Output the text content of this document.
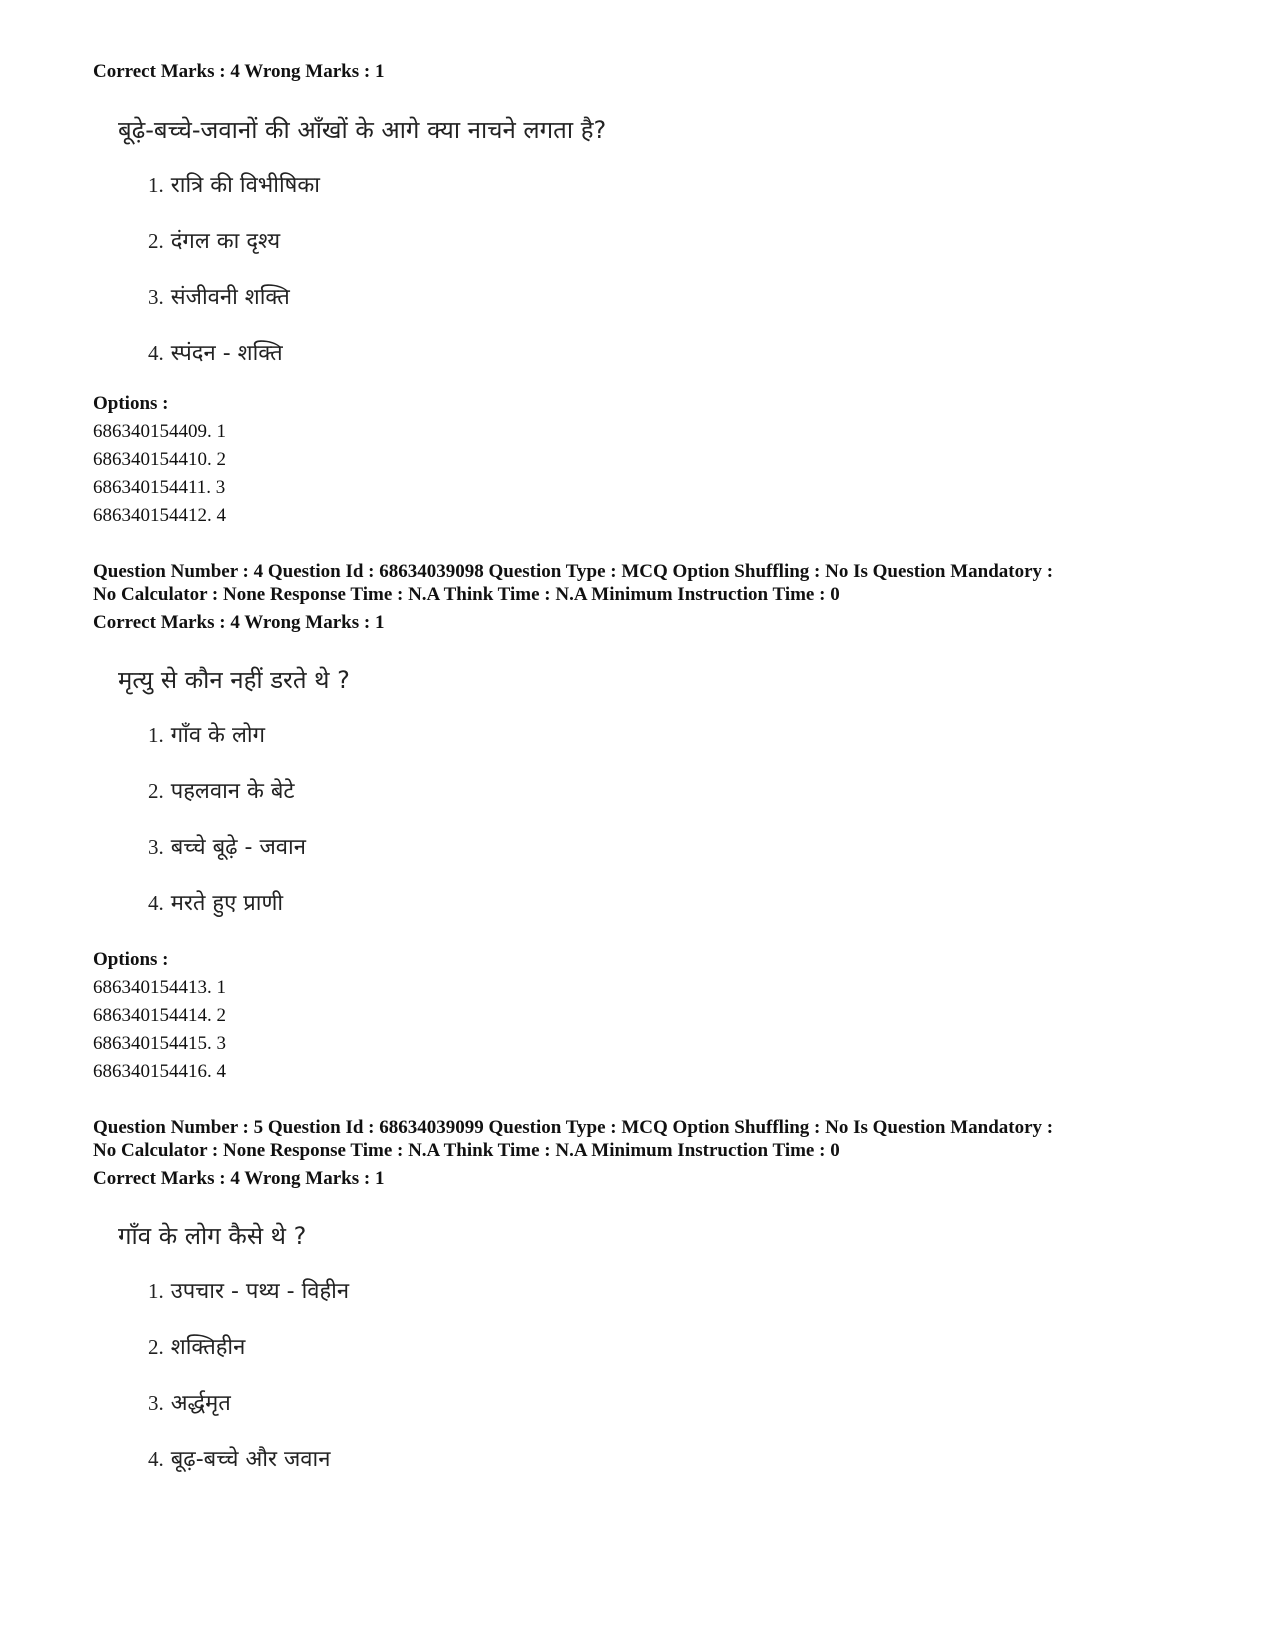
Correct Marks : 4 Wrong Marks : 1
बूढ़े-बच्चे-जवानों की आँखों के आगे क्या नाचने लगता है?
1. रात्रि की विभीषिका
2. दंगल का दृश्य
3. संजीवनी शक्ति
4. स्पंदन - शक्ति
Options :
686340154409. 1
686340154410. 2
686340154411. 3
686340154412. 4
Question Number : 4 Question Id : 68634039098 Question Type : MCQ Option Shuffling : No Is Question Mandatory :
No Calculator : None Response Time : N.A Think Time : N.A Minimum Instruction Time : 0
Correct Marks : 4 Wrong Marks : 1
मृत्यु से कौन नहीं डरते थे ?
1. गाँव के लोग
2. पहलवान के बेटे
3. बच्चे बूढ़े - जवान
4. मरते हुए प्राणी
Options :
686340154413. 1
686340154414. 2
686340154415. 3
686340154416. 4
Question Number : 5 Question Id : 68634039099 Question Type : MCQ Option Shuffling : No Is Question Mandatory :
No Calculator : None Response Time : N.A Think Time : N.A Minimum Instruction Time : 0
Correct Marks : 4 Wrong Marks : 1
गाँव के लोग कैसे थे ?
1. उपचार - पथ्य - विहीन
2. शक्तिहीन
3. अर्द्धमृत
4. बूढ़-बच्चे और जवान
